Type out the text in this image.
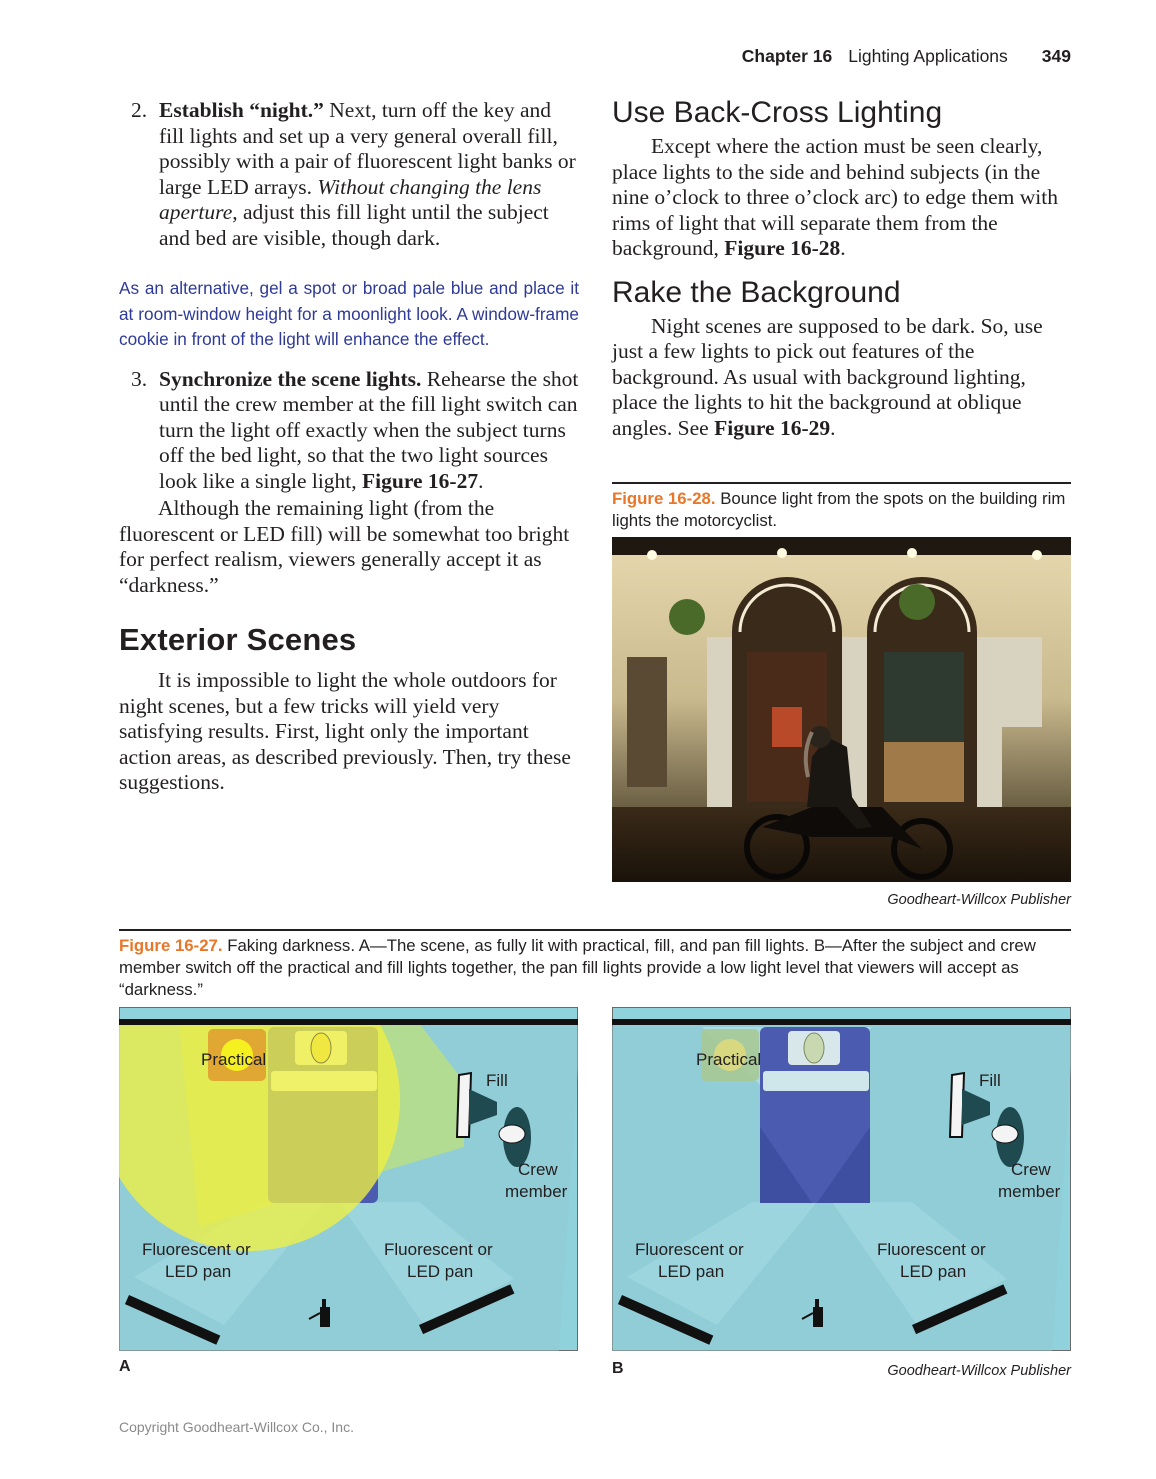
Chapter 16 Lighting Applications 349

2. Establish “night.” Next, turn off the key and fill lights and set up a very general overall fill, possibly with a pair of fluorescent light banks or large LED arrays. Without changing the lens aperture, adjust this fill light until the subject and bed are visible, though dark.

As an alternative, gel a spot or broad pale blue and place it at room-window height for a moonlight look. A window-frame cookie in front of the light will enhance the effect.

3. Synchronize the scene lights. Rehearse the shot until the crew member at the fill light switch can turn the light off exactly when the subject turns off the bed light, so that the two light sources look like a single light, Figure 16-27.

Although the remaining light (from the fluorescent or LED fill) will be somewhat too bright for perfect realism, viewers generally accept it as “darkness.”

Exterior Scenes

It is impossible to light the whole outdoors for night scenes, but a few tricks will yield very satisfying results. First, light only the important action areas, as described previously. Then, try these suggestions.

Use Back-Cross Lighting

Except where the action must be seen clearly, place lights to the side and behind subjects (in the nine o’clock to three o’clock arc) to edge them with rims of light that will separate them from the background, Figure 16-28.

Rake the Background

Night scenes are supposed to be dark. So, use just a few lights to pick out features of the background. As usual with background lighting, place the lights to hit the background at oblique angles. See Figure 16-29.

Figure 16-28. Bounce light from the spots on the building rim lights the motorcyclist.

Goodheart-Willcox Publisher

Figure 16-27. Faking darkness. A—The scene, as fully lit with practical, fill, and pan fill lights. B—After the subject and crew member switch off the practical and fill lights together, the pan fill lights provide a low light level that viewers will accept as “darkness.”

Practical
Fill
Crew
member
Fluorescent or
LED pan
Fluorescent or
LED pan
A
Practical
Fill
Crew
member
Fluorescent or
LED pan
Fluorescent or
LED pan
B	Goodheart-Willcox Publisher
Copyright Goodheart-Willcox Co., Inc.
